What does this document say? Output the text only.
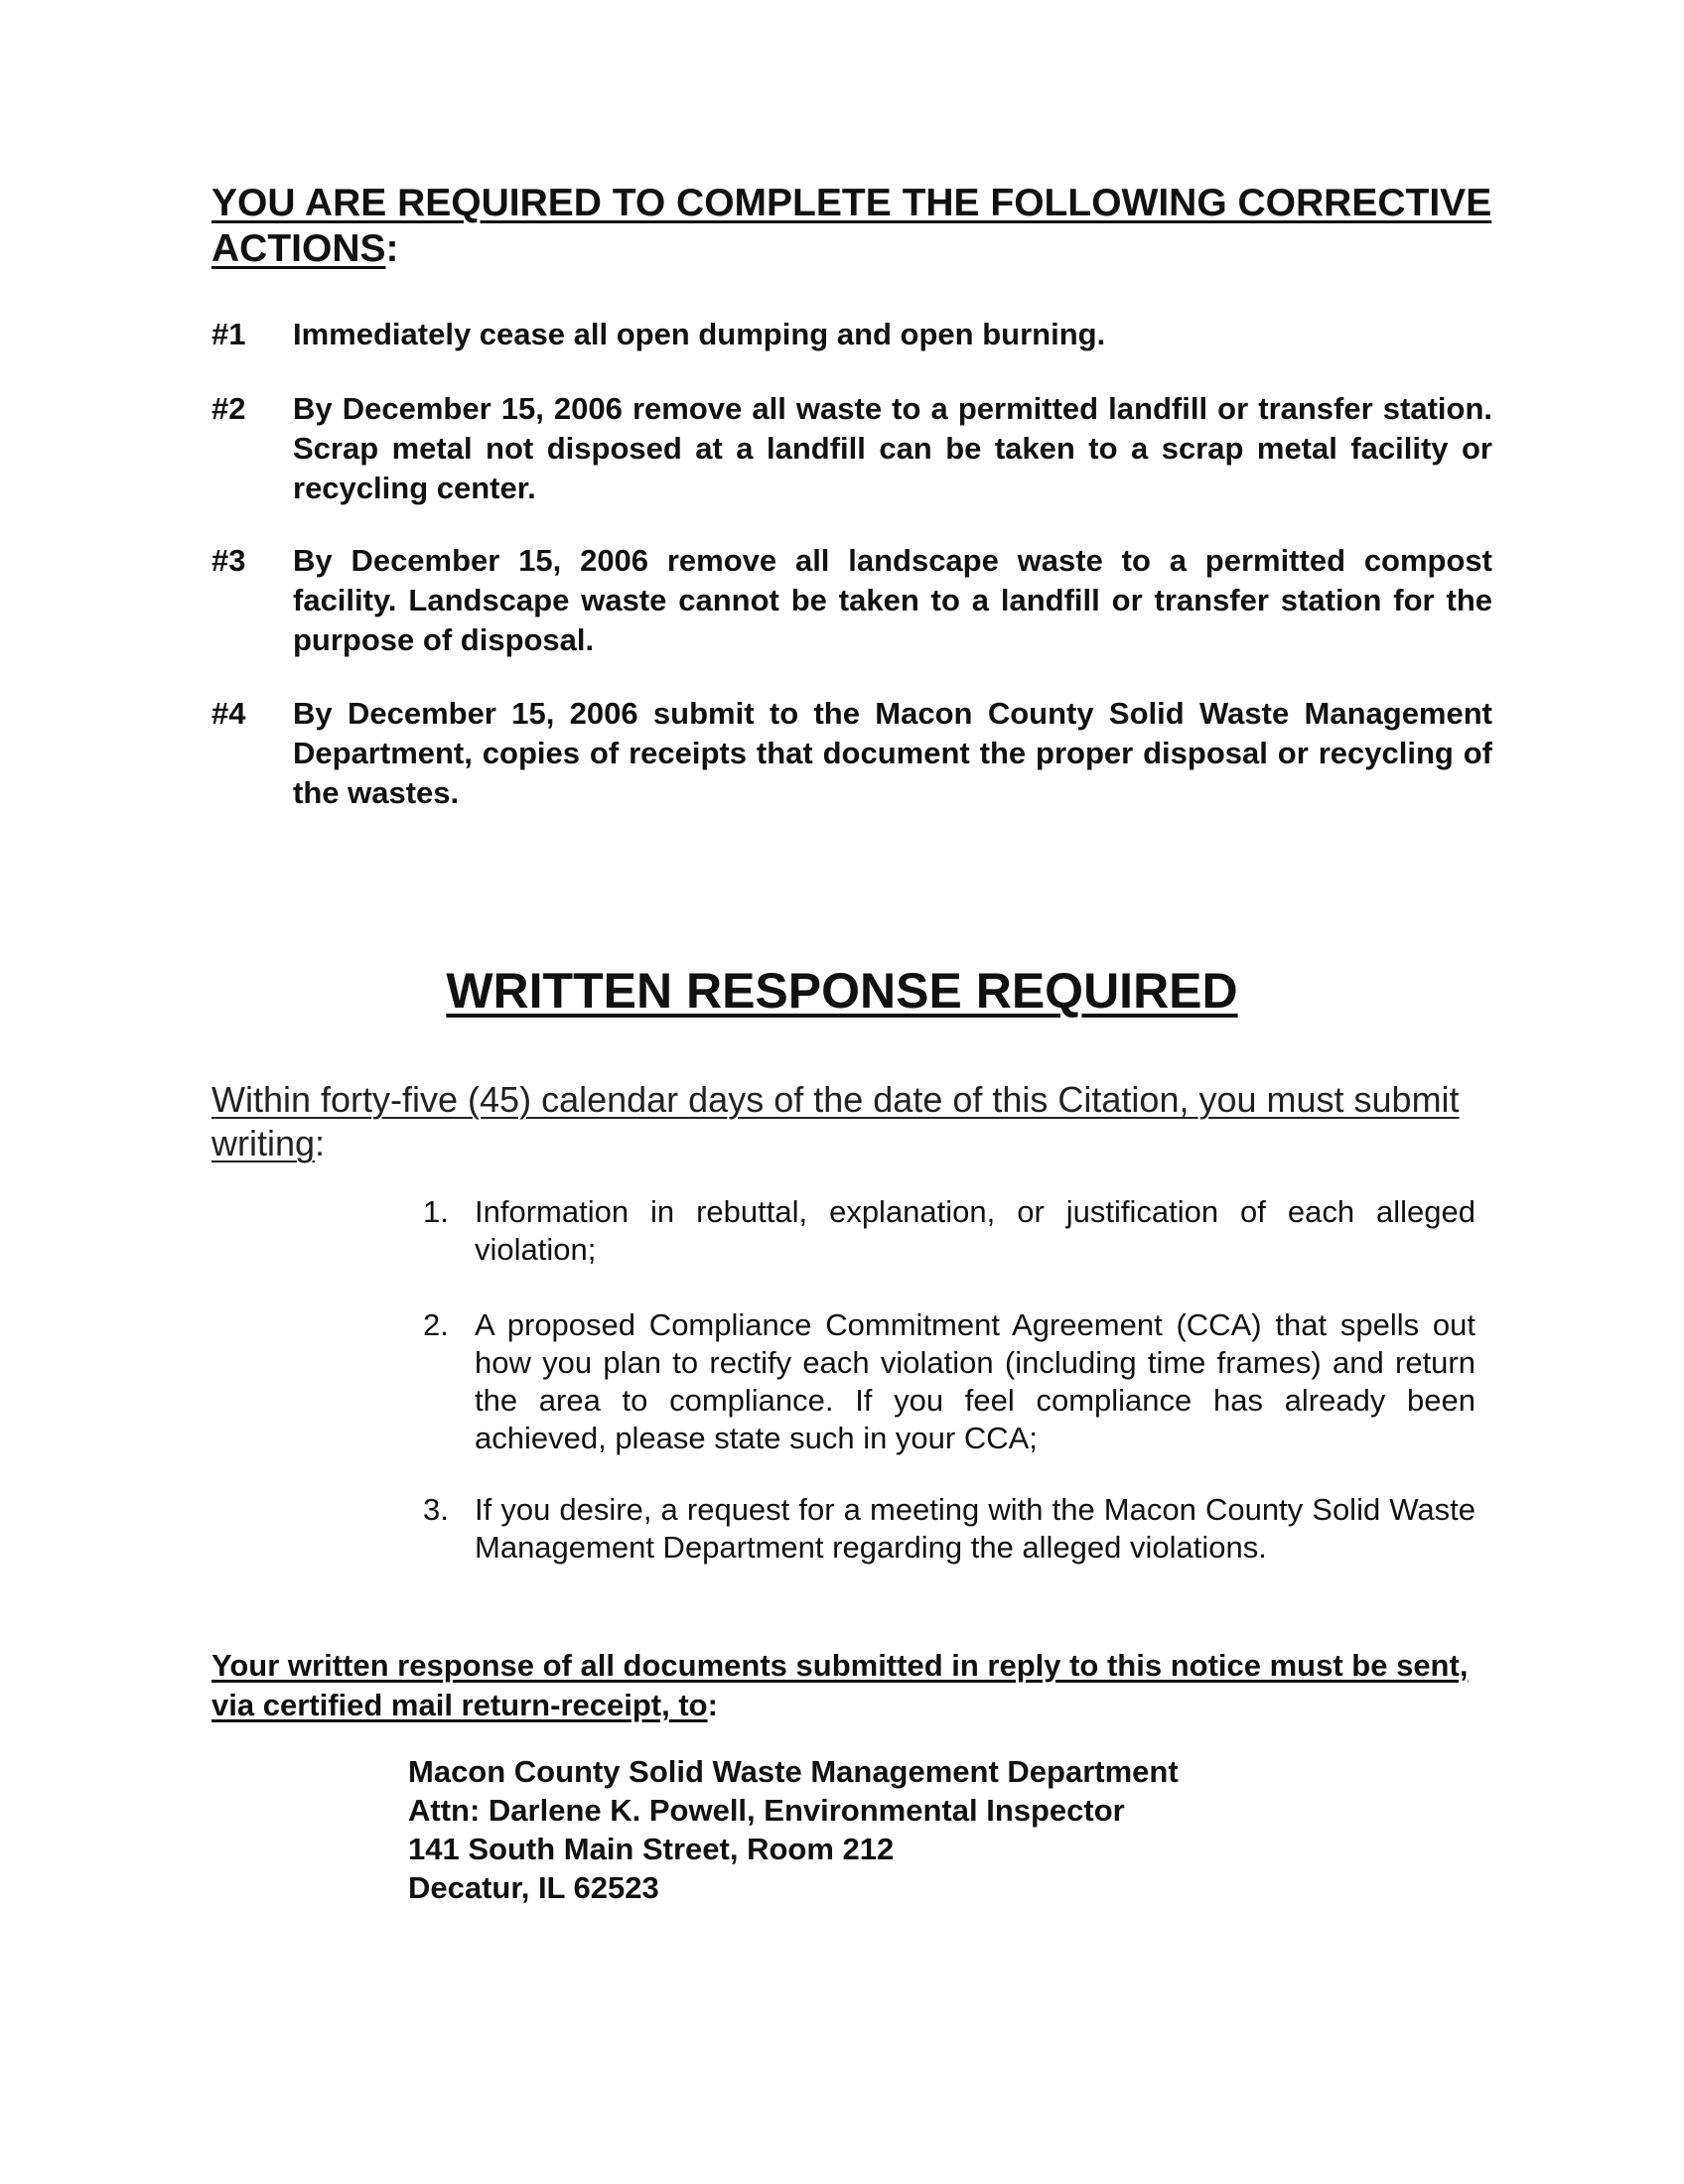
YOU ARE REQUIRED TO COMPLETE THE FOLLOWING CORRECTIVE ACTIONS:
#1	Immediately cease all open dumping and open burning.
#2	By December 15, 2006 remove all waste to a permitted landfill or transfer station. Scrap metal not disposed at a landfill can be taken to a scrap metal facility or recycling center.
#3	By December 15, 2006 remove all landscape waste to a permitted compost facility. Landscape waste cannot be taken to a landfill or transfer station for the purpose of disposal.
#4	By December 15, 2006 submit to the Macon County Solid Waste Management Department, copies of receipts that document the proper disposal or recycling of the wastes.
WRITTEN RESPONSE REQUIRED

Within forty-five (45) calendar days of the date of this Citation, you must submit writing:

1. Information in rebuttal, explanation, or justification of each alleged violation;
2. A proposed Compliance Commitment Agreement (CCA) that spells out how you plan to rectify each violation (including time frames) and return the area to compliance. If you feel compliance has already been achieved, please state such in your CCA;
3. If you desire, a request for a meeting with the Macon County Solid Waste Management Department regarding the alleged violations.

Your written response of all documents submitted in reply to this notice must be sent, via certified mail return-receipt, to:

Macon County Solid Waste Management Department
Attn: Darlene K. Powell, Environmental Inspector
141 South Main Street, Room 212
Decatur, IL 62523
